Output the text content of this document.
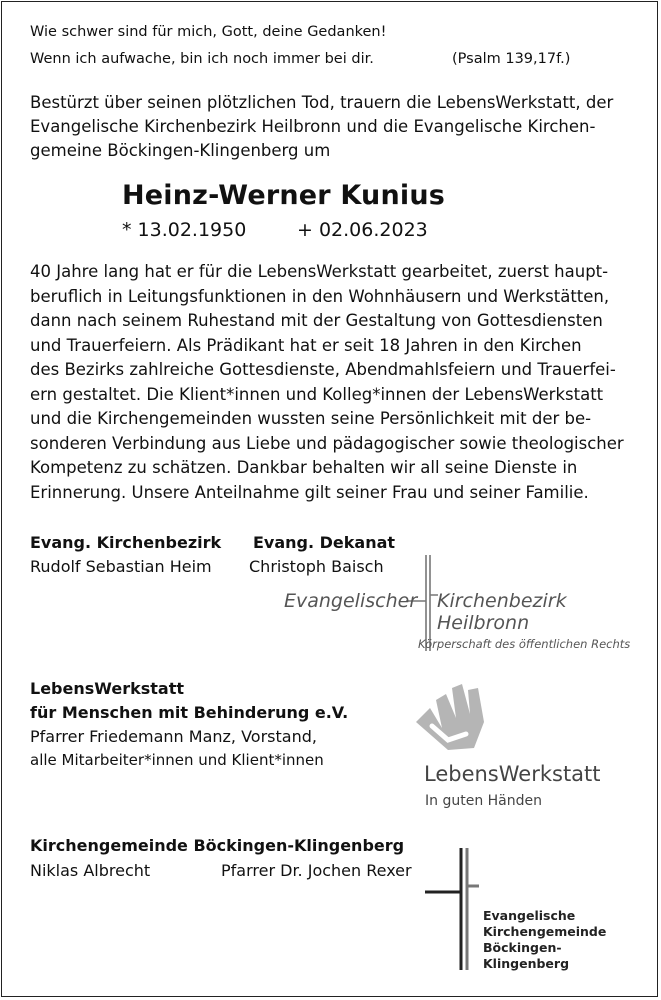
Wie schwer sind für mich, Gott, deine Gedanken!
Wenn ich aufwache, bin ich noch immer bei dir.	(Psalm 139,17f.)
Bestürzt über seinen plötzlichen Tod, trauern die LebensWerkstatt, der
Evangelische Kirchenbezirk Heilbronn und die Evangelische Kirchen-
gemeine Böckingen-Klingenberg um
Heinz-Werner Kunius
* 13.02.1950	+ 02.06.2023
40 Jahre lang hat er für die LebensWerkstatt gearbeitet, zuerst haupt-
beruflich in Leitungsfunktionen in den Wohnhäusern und Werkstätten,
dann nach seinem Ruhestand mit der Gestaltung von Gottesdiensten
und Trauerfeiern. Als Prädikant hat er seit 18 Jahren in den Kirchen
des Bezirks zahlreiche Gottesdienste, Abendmahlsfeiern und Trauerfei-
ern gestaltet. Die Klient*innen und Kolleg*innen der LebensWerkstatt
und die Kirchengemeinden wussten seine Persönlichkeit mit der be-
sonderen Verbindung aus Liebe und pädagogischer sowie theologischer
Kompetenz zu schätzen. Dankbar behalten wir all seine Dienste in
Erinnerung. Unsere Anteilnahme gilt seiner Frau und seiner Familie.
Evang. Kirchenbezirk
Rudolf Sebastian Heim
Evang. Dekanat
Christoph Baisch
Evangelischer Kirchenbezirk
Heilbronn
Körperschaft des öffentlichen Rechts
LebensWerkstatt
für Menschen mit Behinderung e.V.
Pfarrer Friedemann Manz, Vorstand,
alle Mitarbeiter*innen und Klient*innen
LebensWerkstatt
In guten Händen
Kirchengemeinde Böckingen-Klingenberg
Niklas Albrecht	Pfarrer Dr. Jochen Rexer
Evangelische
Kirchengemeinde
Böckingen-
Klingenberg
